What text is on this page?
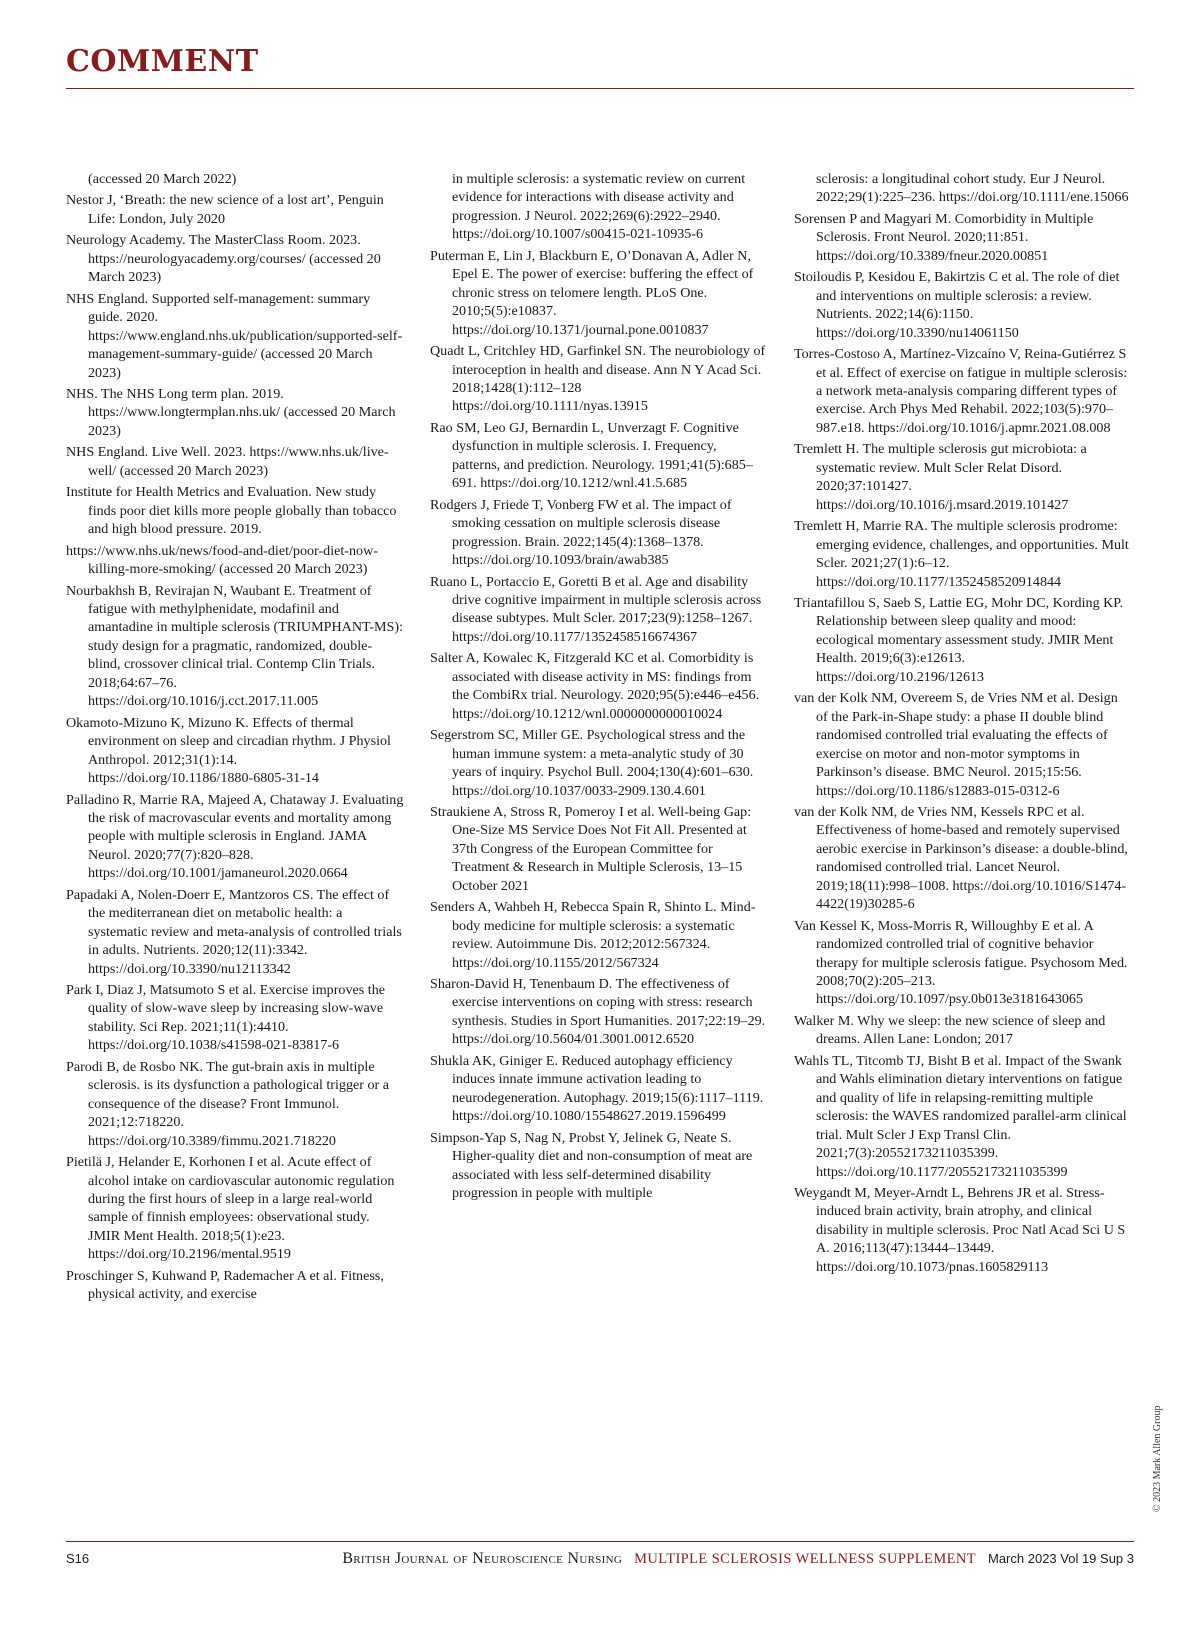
COMMENT

(accessed 20 March 2022)

Nestor J, ‘Breath: the new science of a lost art’, Penguin Life: London, July 2020

Neurology Academy. The MasterClass Room. 2023. https://neurologyacademy.org/courses/ (accessed 20 March 2023)

NHS England. Supported self-management: summary guide. 2020. https://www.england.nhs.uk/publication/supported-self-management-summary-guide/ (accessed 20 March 2023)

NHS. The NHS Long term plan. 2019. https://www.longtermplan.nhs.uk/ (accessed 20 March 2023)

NHS England. Live Well. 2023. https://www.nhs.uk/live-well/ (accessed 20 March 2023)

Institute for Health Metrics and Evaluation. New study finds poor diet kills more people globally than tobacco and high blood pressure. 2019.

https://www.nhs.uk/news/food-and-diet/poor-diet-now-killing-more-smoking/ (accessed 20 March 2023)

Nourbakhsh B, Revirajan N, Waubant E. Treatment of fatigue with methylphenidate, modafinil and amantadine in multiple sclerosis (TRIUMPHANT-MS): study design for a pragmatic, randomized, double-blind, crossover clinical trial. Contemp Clin Trials. 2018;64:67–76. https://doi.org/10.1016/j.cct.2017.11.005

Okamoto-Mizuno K, Mizuno K. Effects of thermal environment on sleep and circadian rhythm. J Physiol Anthropol. 2012;31(1):14. https://doi.org/10.1186/1880-6805-31-14

Palladino R, Marrie RA, Majeed A, Chataway J. Evaluating the risk of macrovascular events and mortality among people with multiple sclerosis in England. JAMA Neurol. 2020;77(7):820–828. https://doi.org/10.1001/jamaneurol.2020.0664

Papadaki A, Nolen-Doerr E, Mantzoros CS. The effect of the mediterranean diet on metabolic health: a systematic review and meta-analysis of controlled trials in adults. Nutrients. 2020;12(11):3342. https://doi.org/10.3390/nu12113342

Park I, Diaz J, Matsumoto S et al. Exercise improves the quality of slow-wave sleep by increasing slow-wave stability. Sci Rep. 2021;11(1):4410. https://doi.org/10.1038/s41598-021-83817-6

Parodi B, de Rosbo NK. The gut-brain axis in multiple sclerosis. is its dysfunction a pathological trigger or a consequence of the disease? Front Immunol. 2021;12:718220. https://doi.org/10.3389/fimmu.2021.718220

Pietilä J, Helander E, Korhonen I et al. Acute effect of alcohol intake on cardiovascular autonomic regulation during the first hours of sleep in a large real-world sample of finnish employees: observational study. JMIR Ment Health. 2018;5(1):e23. https://doi.org/10.2196/mental.9519

Proschinger S, Kuhwand P, Rademacher A et al. Fitness, physical activity, and exercise

in multiple sclerosis: a systematic review on current evidence for interactions with disease activity and progression. J Neurol. 2022;269(6):2922–2940. https://doi.org/10.1007/s00415-021-10935-6

Puterman E, Lin J, Blackburn E, O’Donavan A, Adler N, Epel E. The power of exercise: buffering the effect of chronic stress on telomere length. PLoS One. 2010;5(5):e10837. https://doi.org/10.1371/journal.pone.0010837

Quadt L, Critchley HD, Garfinkel SN. The neurobiology of interoception in health and disease. Ann N Y Acad Sci. 2018;1428(1):112–128 https://doi.org/10.1111/nyas.13915

Rao SM, Leo GJ, Bernardin L, Unverzagt F. Cognitive dysfunction in multiple sclerosis. I. Frequency, patterns, and prediction. Neurology. 1991;41(5):685–691. https://doi.org/10.1212/wnl.41.5.685

Rodgers J, Friede T, Vonberg FW et al. The impact of smoking cessation on multiple sclerosis disease progression. Brain. 2022;145(4):1368–1378. https://doi.org/10.1093/brain/awab385

Ruano L, Portaccio E, Goretti B et al. Age and disability drive cognitive impairment in multiple sclerosis across disease subtypes. Mult Scler. 2017;23(9):1258–1267. https://doi.org/10.1177/1352458516674367

Salter A, Kowalec K, Fitzgerald KC et al. Comorbidity is associated with disease activity in MS: findings from the CombiRx trial. Neurology. 2020;95(5):e446–e456. https://doi.org/10.1212/wnl.0000000000010024

Segerstrom SC, Miller GE. Psychological stress and the human immune system: a meta-analytic study of 30 years of inquiry. Psychol Bull. 2004;130(4):601–630. https://doi.org/10.1037/0033-2909.130.4.601

Straukiene A, Stross R, Pomeroy I et al. Well-being Gap: One-Size MS Service Does Not Fit All. Presented at 37th Congress of the European Committee for Treatment & Research in Multiple Sclerosis, 13–15 October 2021

Senders A, Wahbeh H, Rebecca Spain R, Shinto L. Mind-body medicine for multiple sclerosis: a systematic review. Autoimmune Dis. 2012;2012:567324. https://doi.org/10.1155/2012/567324

Sharon-David H, Tenenbaum D. The effectiveness of exercise interventions on coping with stress: research synthesis. Studies in Sport Humanities. 2017;22:19–29. https://doi.org/10.5604/01.3001.0012.6520

Shukla AK, Giniger E. Reduced autophagy efficiency induces innate immune activation leading to neurodegeneration. Autophagy. 2019;15(6):1117–1119. https://doi.org/10.1080/15548627.2019.1596499

Simpson-Yap S, Nag N, Probst Y, Jelinek G, Neate S. Higher-quality diet and non-consumption of meat are associated with less self-determined disability progression in people with multiple

sclerosis: a longitudinal cohort study. Eur J Neurol. 2022;29(1):225–236. https://doi.org/10.1111/ene.15066

Sorensen P and Magyari M. Comorbidity in Multiple Sclerosis. Front Neurol. 2020;11:851. https://doi.org/10.3389/fneur.2020.00851

Stoiloudis P, Kesidou E, Bakirtzis C et al. The role of diet and interventions on multiple sclerosis: a review. Nutrients. 2022;14(6):1150. https://doi.org/10.3390/nu14061150

Torres-Costoso A, Martínez-Vizcaíno V, Reina-Gutiérrez S et al. Effect of exercise on fatigue in multiple sclerosis: a network meta-analysis comparing different types of exercise. Arch Phys Med Rehabil. 2022;103(5):970–987.e18. https://doi.org/10.1016/j.apmr.2021.08.008

Tremlett H. The multiple sclerosis gut microbiota: a systematic review. Mult Scler Relat Disord. 2020;37:101427. https://doi.org/10.1016/j.msard.2019.101427

Tremlett H, Marrie RA. The multiple sclerosis prodrome: emerging evidence, challenges, and opportunities. Mult Scler. 2021;27(1):6–12. https://doi.org/10.1177/1352458520914844

Triantafillou S, Saeb S, Lattie EG, Mohr DC, Kording KP. Relationship between sleep quality and mood: ecological momentary assessment study. JMIR Ment Health. 2019;6(3):e12613. https://doi.org/10.2196/12613

van der Kolk NM, Overeem S, de Vries NM et al. Design of the Park-in-Shape study: a phase II double blind randomised controlled trial evaluating the effects of exercise on motor and non-motor symptoms in Parkinson’s disease. BMC Neurol. 2015;15:56. https://doi.org/10.1186/s12883-015-0312-6

van der Kolk NM, de Vries NM, Kessels RPC et al. Effectiveness of home-based and remotely supervised aerobic exercise in Parkinson’s disease: a double-blind, randomised controlled trial. Lancet Neurol. 2019;18(11):998–1008. https://doi.org/10.1016/S1474-4422(19)30285-6

Van Kessel K, Moss-Morris R, Willoughby E et al. A randomized controlled trial of cognitive behavior therapy for multiple sclerosis fatigue. Psychosom Med. 2008;70(2):205–213. https://doi.org/10.1097/psy.0b013e3181643065

Walker M. Why we sleep: the new science of sleep and dreams. Allen Lane: London; 2017

Wahls TL, Titcomb TJ, Bisht B et al. Impact of the Swank and Wahls elimination dietary interventions on fatigue and quality of life in relapsing-remitting multiple sclerosis: the WAVES randomized parallel-arm clinical trial. Mult Scler J Exp Transl Clin. 2021;7(3):20552173211035399. https://doi.org/10.1177/20552173211035399

Weygandt M, Meyer-Arndt L, Behrens JR et al. Stress-induced brain activity, brain atrophy, and clinical disability in multiple sclerosis. Proc Natl Acad Sci U S A. 2016;113(47):13444–13449. https://doi.org/10.1073/pnas.1605829113

© 2023 Mark Allen Group
S16	British Journal of Neuroscience Nursing MULTIPLE SCLEROSIS WELLNESS SUPPLEMENT March 2023 Vol 19 Sup 3
